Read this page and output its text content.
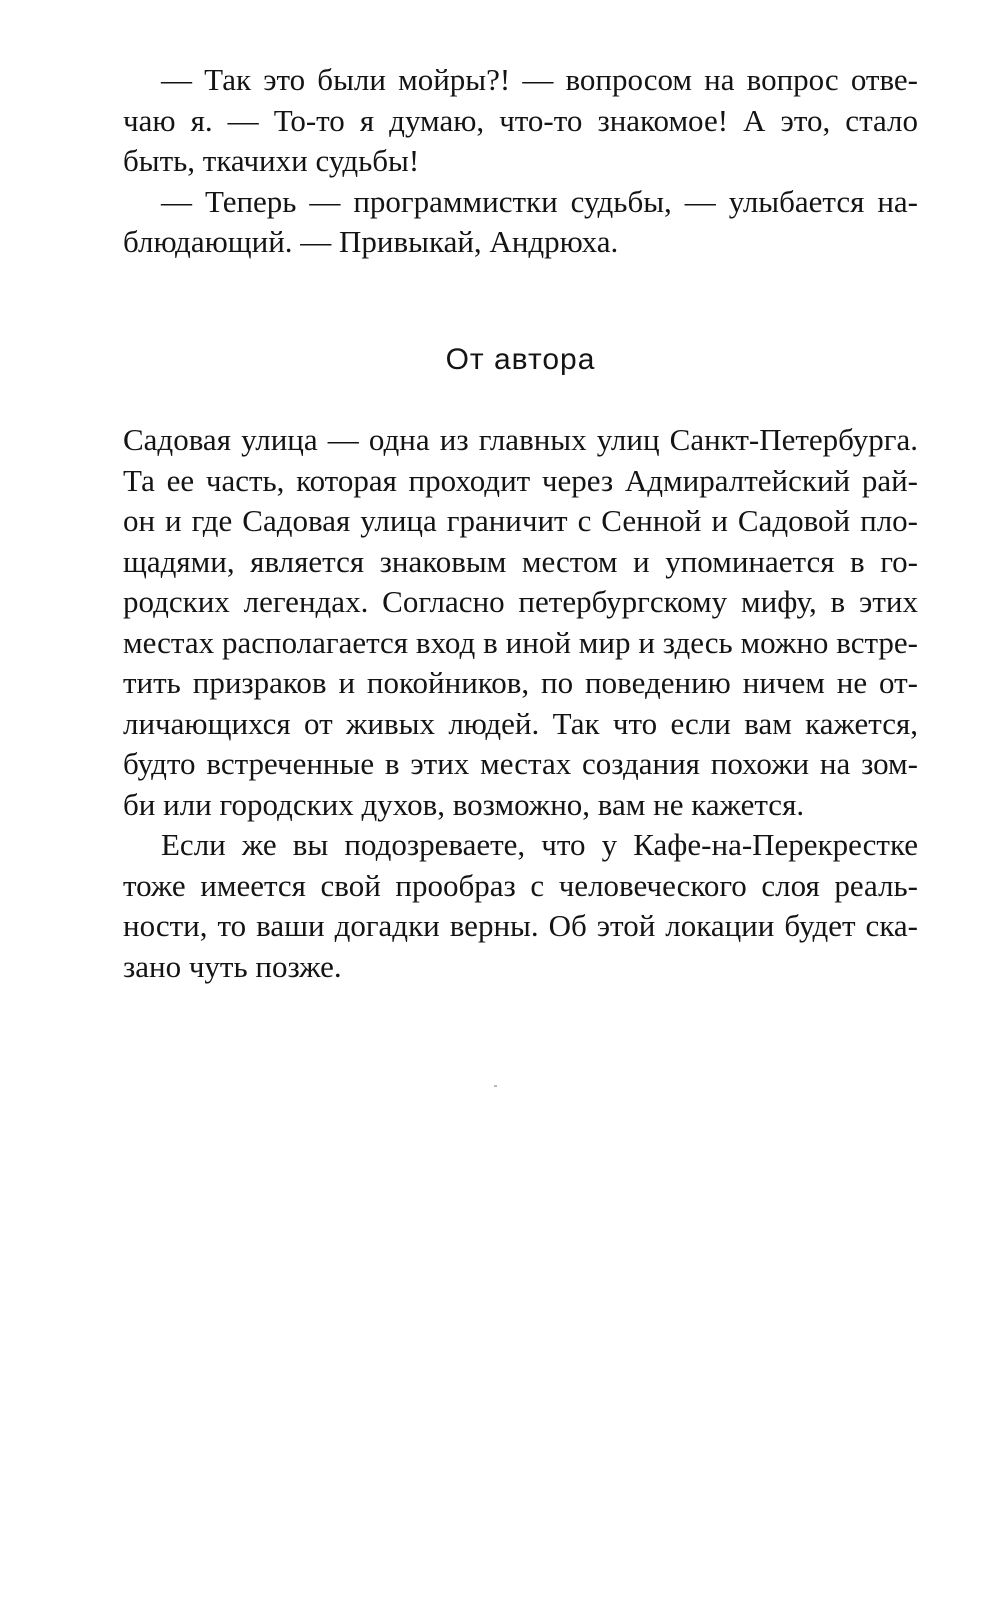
— Так это были мойры?! — вопросом на вопрос отве-
чаю я. — То-то я думаю, что-то знакомое! А это, стало
быть, ткачихи судьбы!
— Теперь — программистки судьбы, — улыбается на-
блюдающий. — Привыкай, Андрюха.
От автора
Садовая улица — одна из главных улиц Санкт-Петербурга.
Та ее часть, которая проходит через Адмиралтейский рай-
он и где Садовая улица граничит с Сенной и Садовой пло-
щадями, является знаковым местом и упоминается в го-
родских легендах. Согласно петербургскому мифу, в этих
местах располагается вход в иной мир и здесь можно встре-
тить призраков и покойников, по поведению ничем не от-
личающихся от живых людей. Так что если вам кажется,
будто встреченные в этих местах создания похожи на зом-
би или городских духов, возможно, вам не кажется.
Если же вы подозреваете, что у Кафе-на-Перекрестке
тоже имеется свой прообраз с человеческого слоя реаль-
ности, то ваши догадки верны. Об этой локации будет ска-
зано чуть позже.
